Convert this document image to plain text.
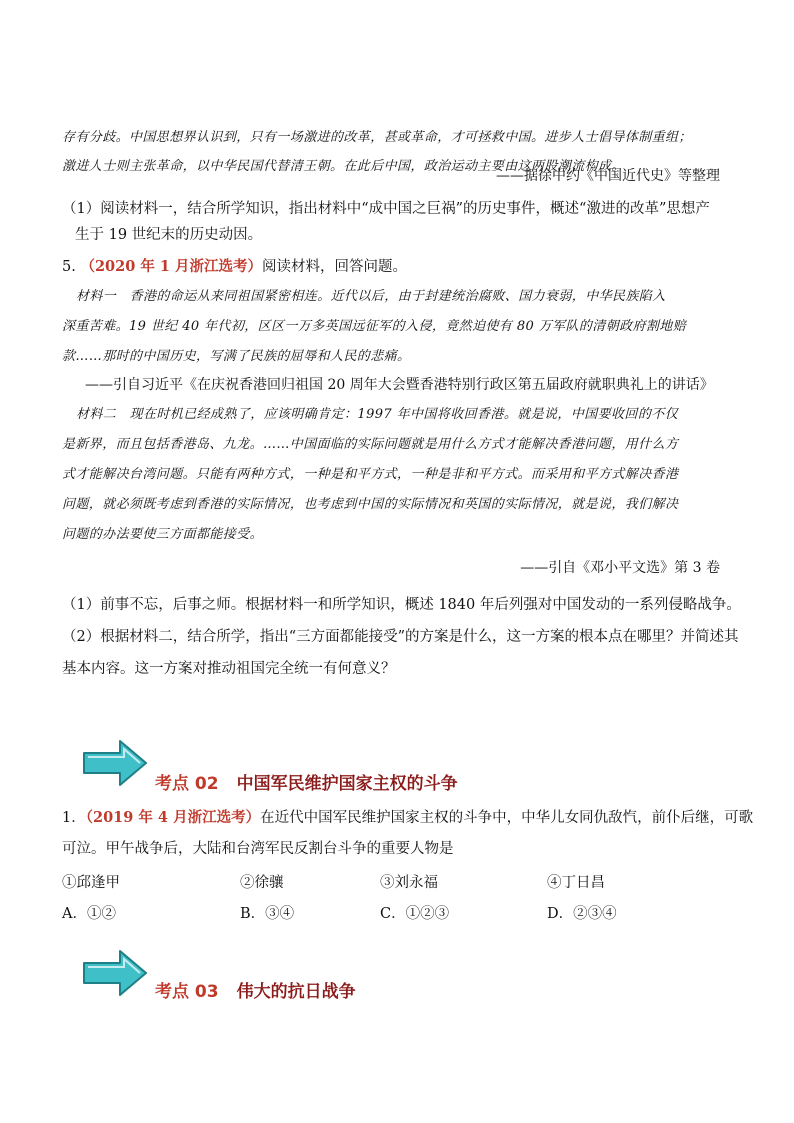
存有分歧。中国思想界认识到，只有一场激进的改革，甚或革命，才可拯救中国。进步人士倡导体制重组；
激进人士则主张革命，以中华民国代替清王朝。在此后中国，政治运动主要由这两股潮流构成。
——据徐中约《中国近代史》等整理
（1）阅读材料一，结合所学知识，指出材料中“成中国之巨祸”的历史事件，概述“激进的改革”思想产
生于 19 世纪末的历史动因。
5. （2020 年 1 月浙江选考）阅读材料，回答问题。
材料一　香港的命运从来同祖国紧密相连。近代以后，由于封建统治腐败、国力衰弱，中华民族陷入
深重苦难。19 世纪 40 年代初，区区一万多英国远征军的入侵，竟然迫使有 80 万军队的清朝政府割地赔
款……那时的中国历史，写满了民族的屈辱和人民的悲痛。
——引自习近平《在庆祝香港回归祖国 20 周年大会暨香港特别行政区第五届政府就职典礼上的讲话》
材料二　现在时机已经成熟了，应该明确肯定：1997 年中国将收回香港。就是说，中国要收回的不仅
是新界，而且包括香港岛、九龙。……中国面临的实际问题就是用什么方式才能解决香港问题，用什么方
式才能解决台湾问题。只能有两种方式，一种是和平方式，一种是非和平方式。而采用和平方式解决香港
问题，就必须既考虑到香港的实际情况，也考虑到中国的实际情况和英国的实际情况，就是说，我们解决
问题的办法要使三方面都能接受。
——引自《邓小平文选》第 3 卷
（1）前事不忘，后事之师。根据材料一和所学知识，概述 1840 年后列强对中国发动的一系列侵略战争。
（2）根据材料二，结合所学，指出“三方面都能接受”的方案是什么，这一方案的根本点在哪里？并简述其
基本内容。这一方案对推动祖国完全统一有何意义？
考点 02 中国军民维护国家主权的斗争
1．（2019 年 4 月浙江选考）在近代中国军民维护国家主权的斗争中，中华儿女同仇敌忾，前仆后继，可歌
可泣。甲午战争后，大陆和台湾军民反割台斗争的重要人物是
①邱逢甲	②徐骧	③刘永福	④丁日昌
A．①②	B．③④	C．①②③	D．②③④
考点 03 伟大的抗日战争
